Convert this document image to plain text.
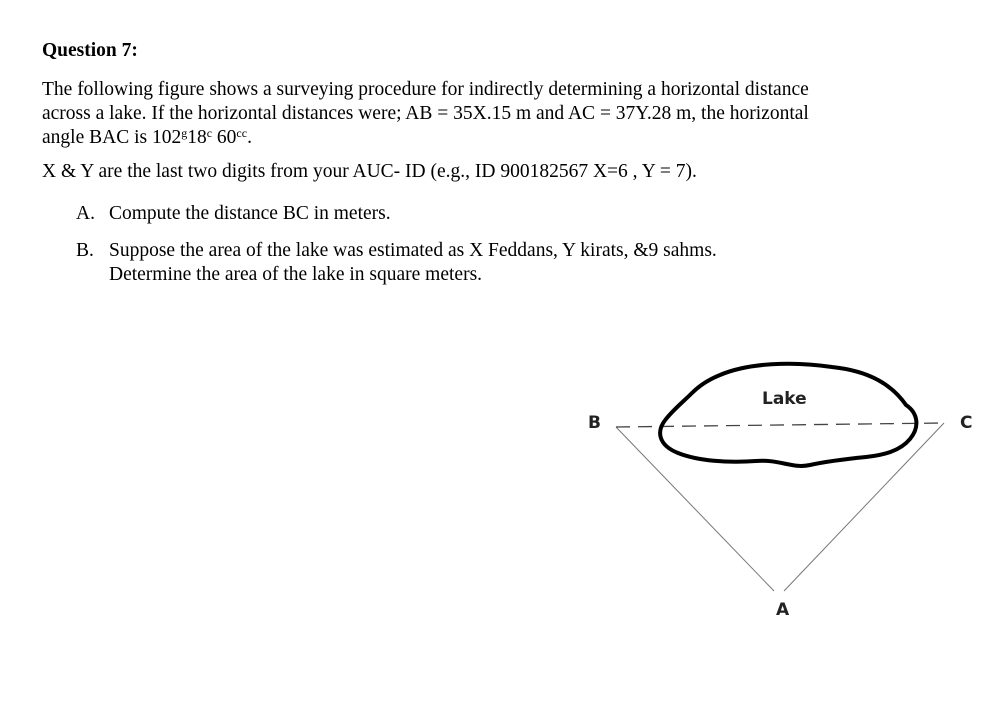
Question 7:

The following figure shows a surveying procedure for indirectly determining a horizontal distance
across a lake. If the horizontal distances were; AB = 35X.15 m and AC = 37Y.28 m, the horizontal
angle BAC is 102$^g$18$^c$ $60^{cc}$.

X & Y are the last two digits from your AUC- ID (e.g., ID 900182567 X=6 , Y = 7).

A. Compute the distance BC in meters.
B. Suppose the area of the lake was estimated as X Feddans, Y kirats, &9 sahms.
Determine the area of the lake in square meters.
Lake
B	C
A
